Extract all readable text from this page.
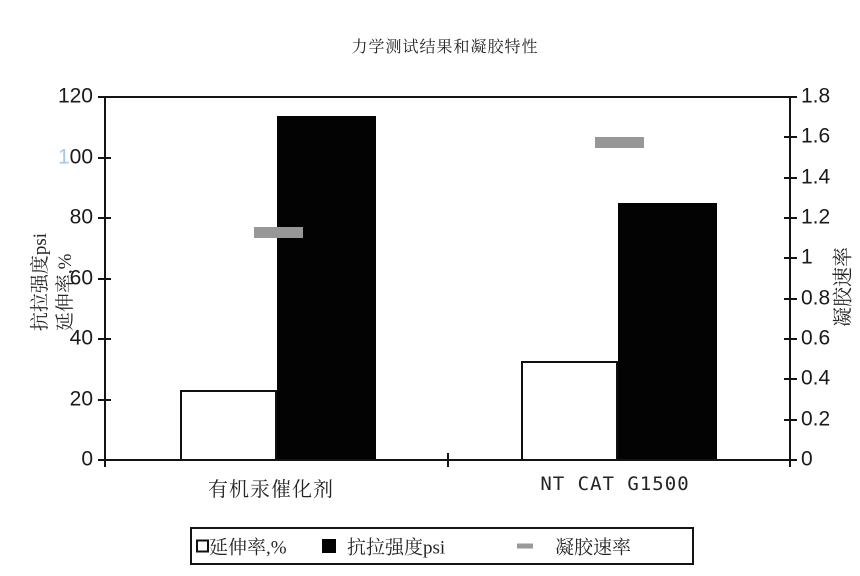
力学测试结果和凝胶特性
抗拉强度psi 延伸率,%	凝胶速率
有机汞催化剂	NT CAT G1500
延伸率,%	抗拉强度psi	凝胶速率
0
20
40
60
80
100
120
0
0.2
0.4
0.6
0.8
1
1.2
1.4
1.6
1.8
